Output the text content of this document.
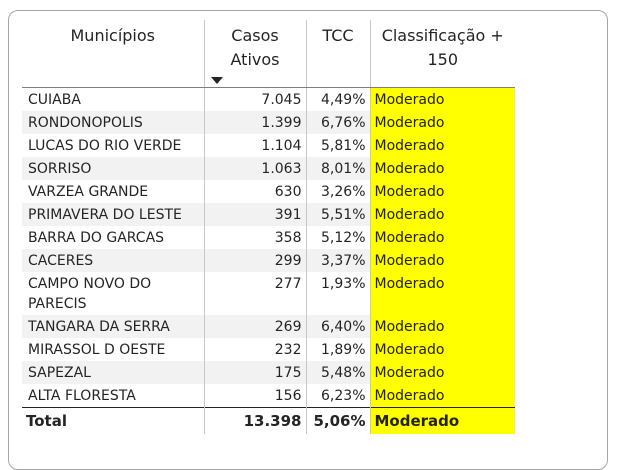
Municípios	Casos Ativos	TCC	Classificação + 150
CUIABA	7.045	4,49%	Moderado
RONDONOPOLIS	1.399	6,76%	Moderado
LUCAS DO RIO VERDE	1.104	5,81%	Moderado
SORRISO	1.063	8,01%	Moderado
VARZEA GRANDE	630	3,26%	Moderado
PRIMAVERA DO LESTE	391	5,51%	Moderado
BARRA DO GARCAS	358	5,12%	Moderado
CACERES	299	3,37%	Moderado
CAMPO NOVO DO PARECIS	277	1,93%	Moderado
TANGARA DA SERRA	269	6,40%	Moderado
MIRASSOL D OESTE	232	1,89%	Moderado
SAPEZAL	175	5,48%	Moderado
ALTA FLORESTA	156	6,23%	Moderado
Total	13.398	5,06%	Moderado
